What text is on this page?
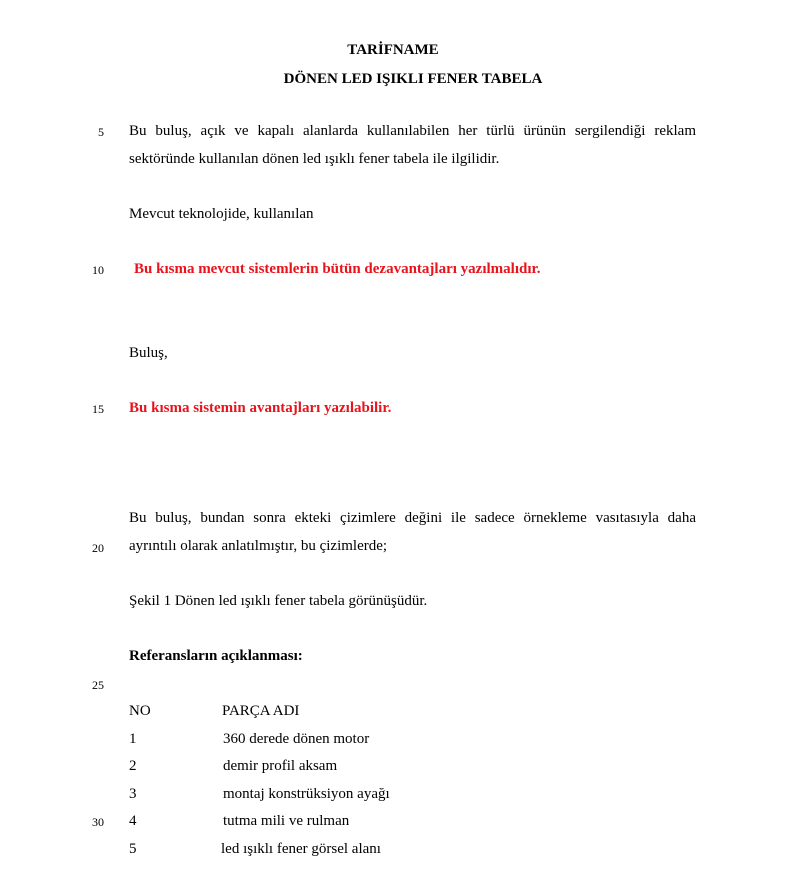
TARİFNAME
DÖNEN LED IŞIKLI FENER TABELA
5
10
15
20
25
30
Bu buluş, açık ve kapalı alanlarda kullanılabilen her türlü ürünün sergilendiği reklam
sektöründe kullanılan dönen led ışıklı fener tabela ile ilgilidir.
Mevcut teknolojide, kullanılan
Bu kısma mevcut sistemlerin bütün dezavantajları yazılmalıdır.
Buluş,
Bu kısma sistemin avantajları yazılabilir.
Bu buluş, bundan sonra ekteki çizimlere değini ile sadece örnekleme vasıtasıyla daha
ayrıntılı olarak anlatılmıştır, bu çizimlerde;
Şekil 1 Dönen led ışıklı fener tabela görünüşüdür.
Referansların açıklanması:
NO	PARÇA ADI
1	360 derede dönen motor
2	demir profil aksam
3	montaj konstrüksiyon ayağı
4	tutma mili ve rulman
5	led ışıklı fener görsel alanı
